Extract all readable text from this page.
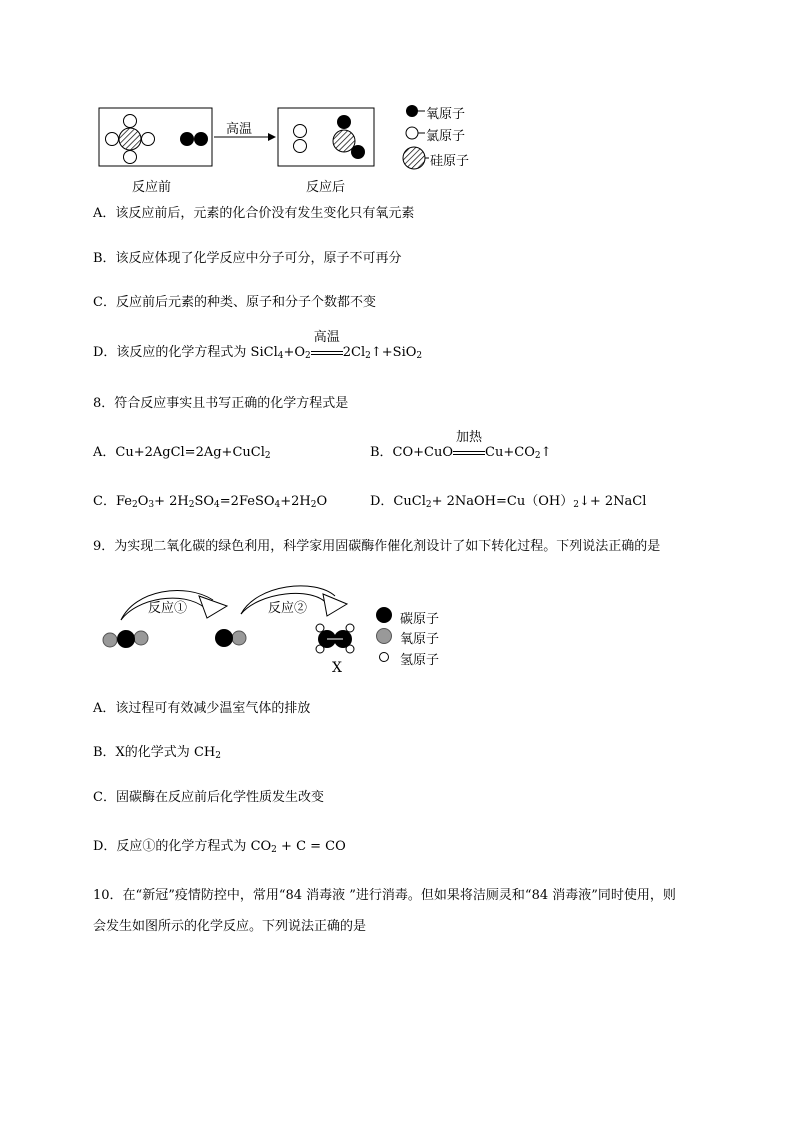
高温
反应前	反应后
氧原子
氯原子
硅原子
A．该反应前后，元素的化合价没有发生变化只有氧元素
B．该反应体现了化学反应中分子可分，原子不可再分
C．反应前后元素的种类、原子和分子个数都不变
D．该反应的化学方程式为 $SiCl_4+O_2$
高温
$2Cl_2↑+SiO_2$
8．符合反应事实且书写正确的化学方程式是
A．Cu+2AgCl=2Ag+CuCl$_2$	B．CO+CuO
加热
$Cu+CO_2↑$
C．$Fe_2O_3+$ $2H_2SO_4=2FeSO_4+2H_2O$	D．CuCl$_2$+ $2NaOH=Cu(OH)_2↓+$ 2NaCl
9．为实现二氧化碳的绿色利用，科学家用固碳酶作催化剂设计了如下转化过程。下列说法正确的是
反应①	反应②
X
碳原子
氧原子
氢原子
A．该过程可有效减少温室气体的排放
B．X的化学式为 $CH_2$
C．固碳酶在反应前后化学性质发生改变
D．反应①的化学方程式为 $CO_2 + C$ = CO
10．在“新冠”疫情防控中，常用“84 消毒液 ”进行消毒。但如果将洁厕灵和“84 消毒液”同时使用，则
会发生如图所示的化学反应。下列说法正确的是
